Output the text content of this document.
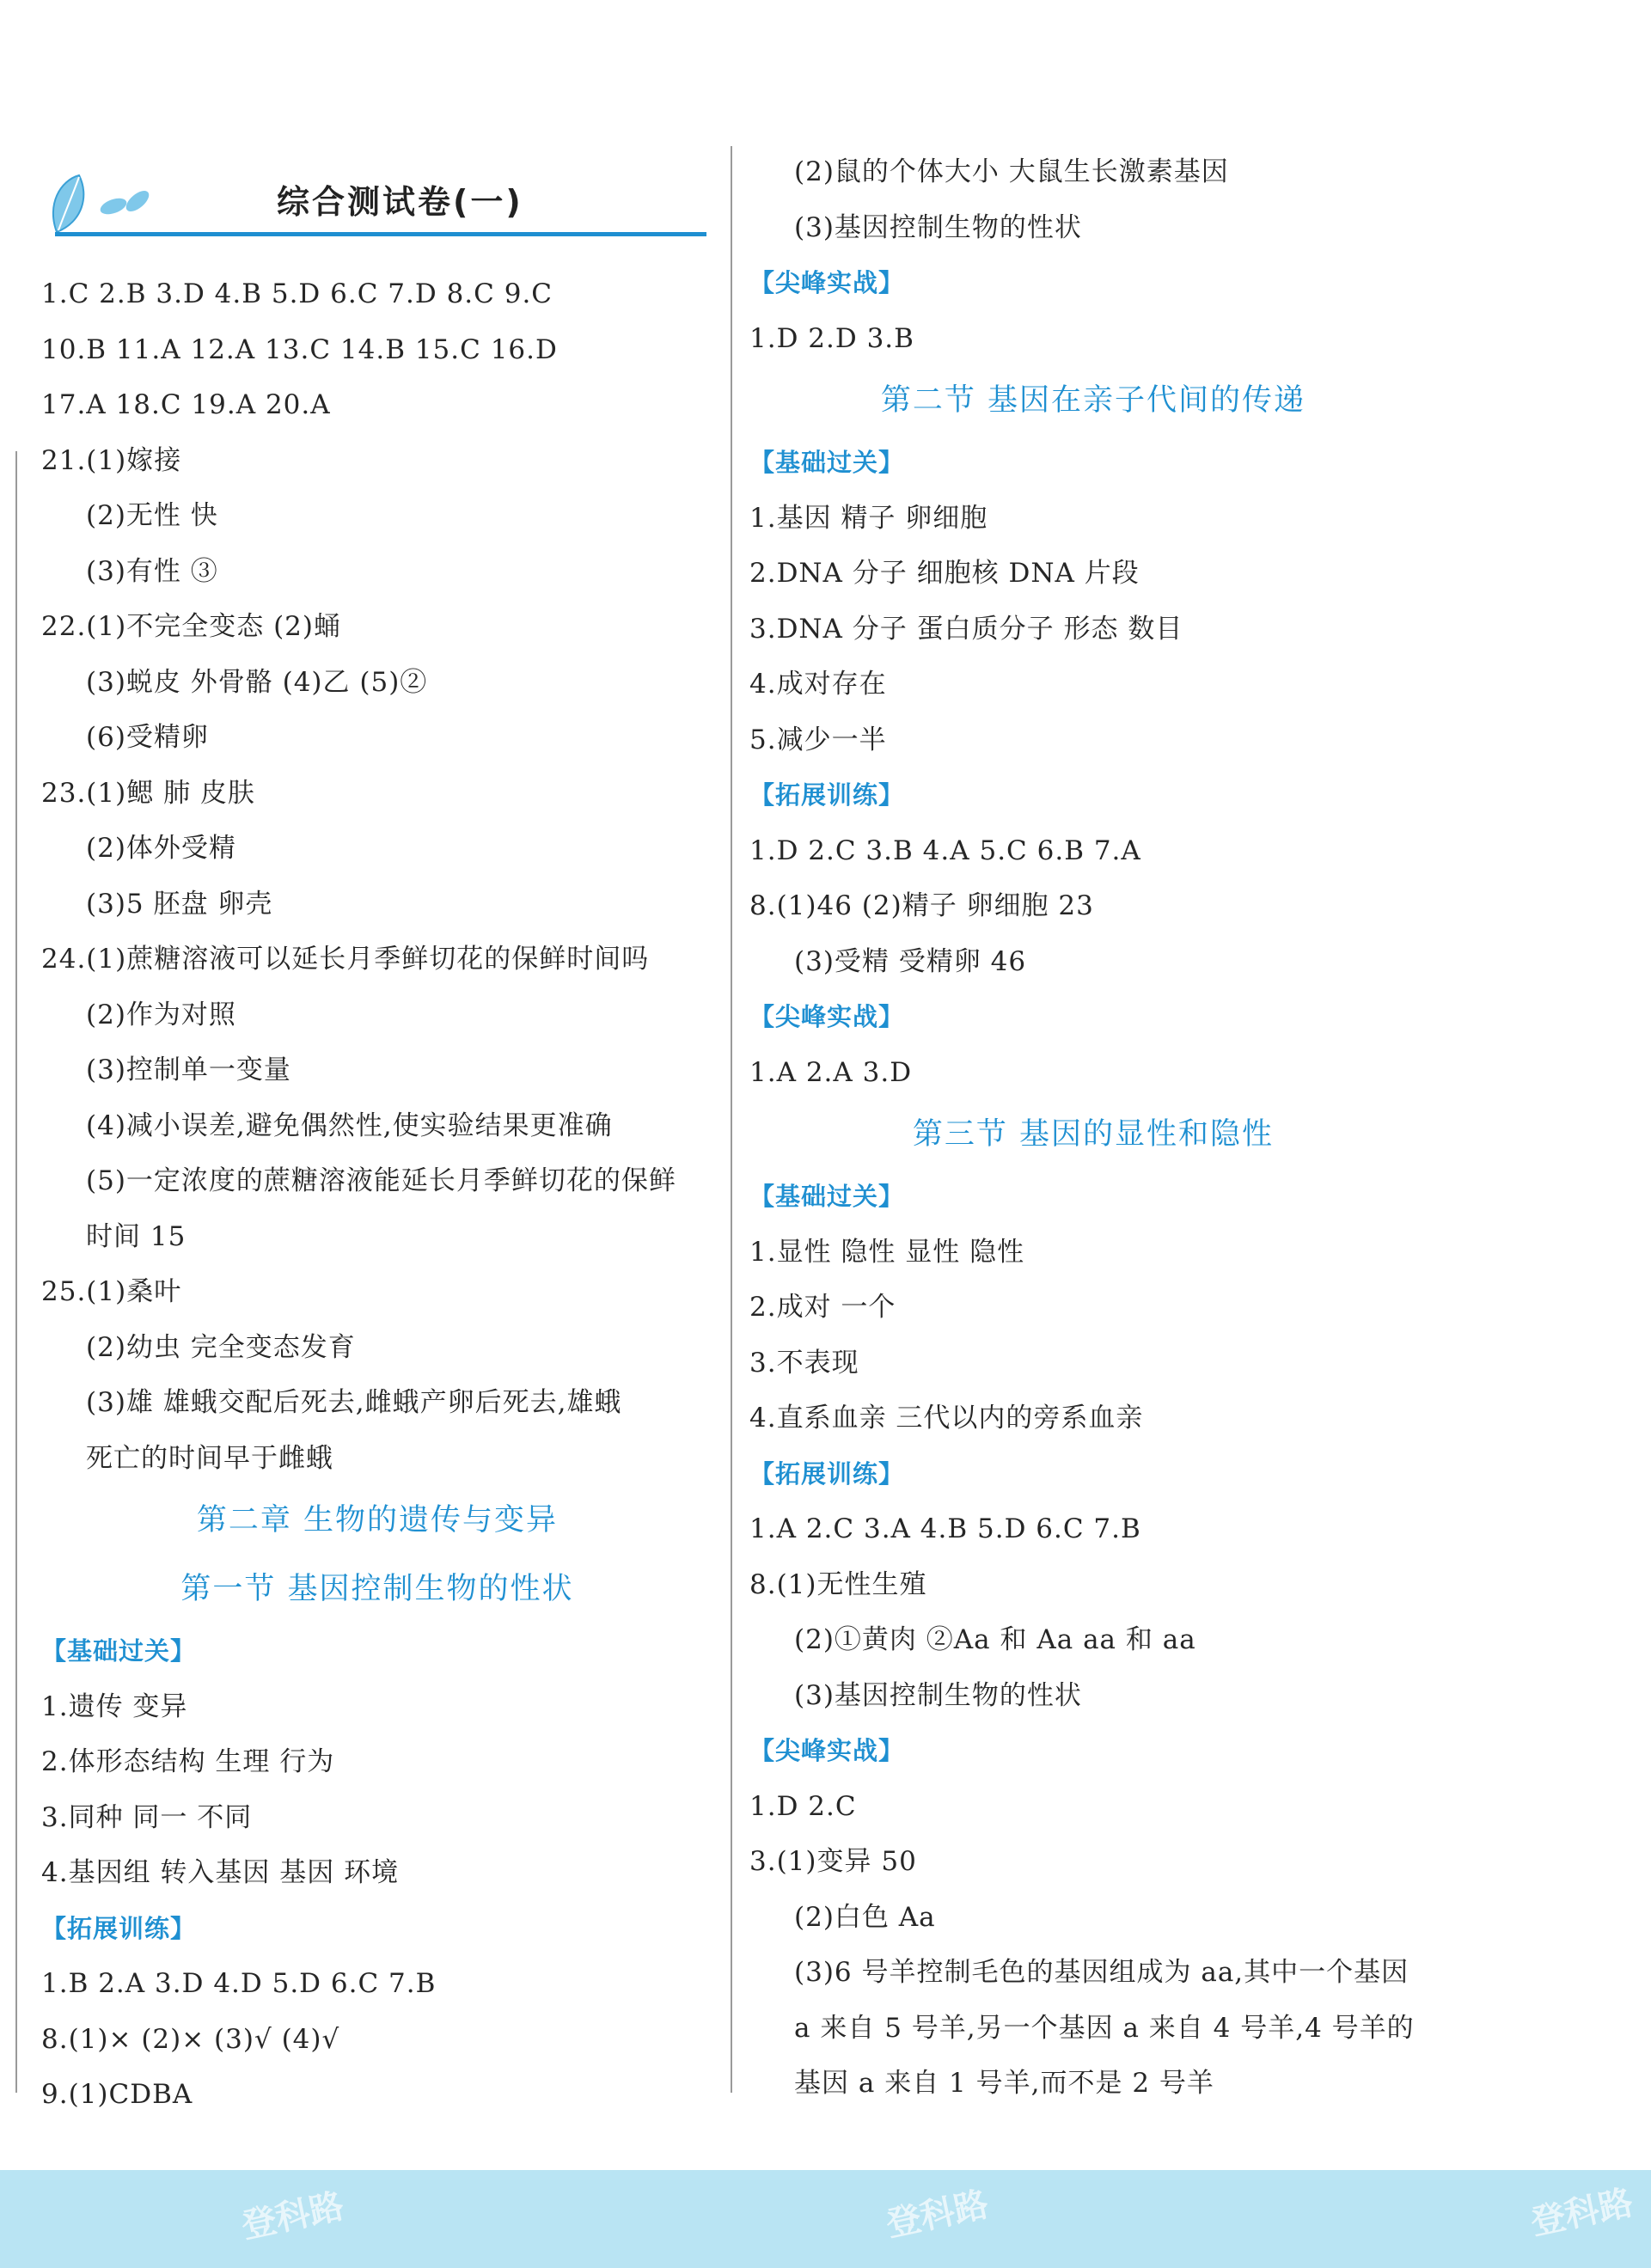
综合测试卷(一)
1.C 2.B 3.D 4.B 5.D 6.C 7.D 8.C 9.C
10.B 11.A 12.A 13.C 14.B 15.C 16.D
17.A 18.C 19.A 20.A
21.(1)嫁接
(2)无性 快
(3)有性 ③
22.(1)不完全变态 (2)蛹
(3)蜕皮 外骨骼 (4)乙 (5)②
(6)受精卵
23.(1)鳃 肺 皮肤
(2)体外受精
(3)5 胚盘 卵壳
24.(1)蔗糖溶液可以延长月季鲜切花的保鲜时间吗
(2)作为对照
(3)控制单一变量
(4)减小误差,避免偶然性,使实验结果更准确
(5)一定浓度的蔗糖溶液能延长月季鲜切花的保鲜
时间 15
25.(1)桑叶
(2)幼虫 完全变态发育
(3)雄 雄蛾交配后死去,雌蛾产卵后死去,雄蛾
死亡的时间早于雌蛾
第二章 生物的遗传与变异
第一节 基因控制生物的性状
【基础过关】
1.遗传 变异
2.体形态结构 生理 行为
3.同种 同一 不同
4.基因组 转入基因 基因 环境
【拓展训练】
1.B 2.A 3.D 4.D 5.D 6.C 7.B
8.(1)× (2)× (3)√ (4)√
9.(1)CDBA
(2)鼠的个体大小 大鼠生长激素基因
(3)基因控制生物的性状
【尖峰实战】
1.D 2.D 3.B
第二节 基因在亲子代间的传递
【基础过关】
1.基因 精子 卵细胞
2.DNA 分子 细胞核 DNA 片段
3.DNA 分子 蛋白质分子 形态 数目
4.成对存在
5.减少一半
【拓展训练】
1.D 2.C 3.B 4.A 5.C 6.B 7.A
8.(1)46 (2)精子 卵细胞 23
(3)受精 受精卵 46
【尖峰实战】
1.A 2.A 3.D
第三节 基因的显性和隐性
【基础过关】
1.显性 隐性 显性 隐性
2.成对 一个
3.不表现
4.直系血亲 三代以内的旁系血亲
【拓展训练】
1.A 2.C 3.A 4.B 5.D 6.C 7.B
8.(1)无性生殖
(2)①黄肉 ②Aa 和 Aa aa 和 aa
(3)基因控制生物的性状
【尖峰实战】
1.D 2.C
3.(1)变异 50
(2)白色 Aa
(3)6 号羊控制毛色的基因组成为 aa,其中一个基因
a 来自 5 号羊,另一个基因 a 来自 4 号羊,4 号羊的
基因 a 来自 1 号羊,而不是 2 号羊
登科路	登科路	登科路
